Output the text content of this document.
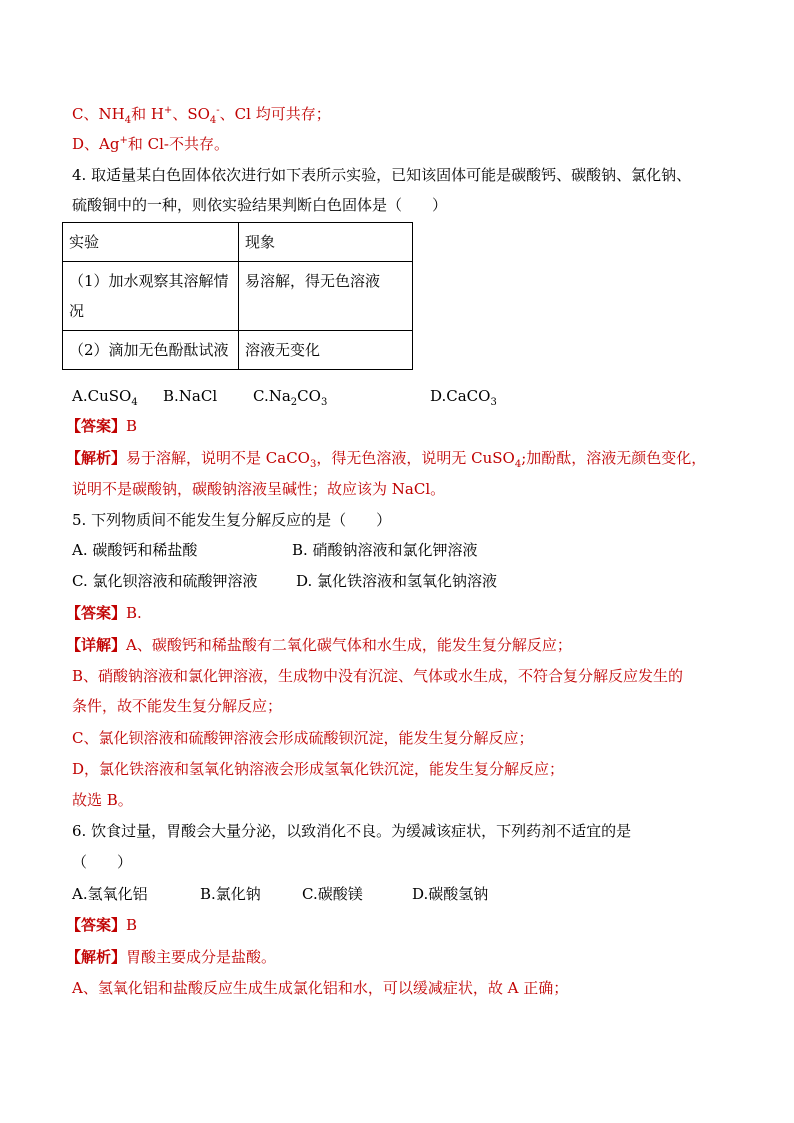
C、$NH_4$和 H+、$SO_4^-$、Cl 均可共存；
D、Ag+和 Cl-不共存。
4. 取适量某白色固体依次进行如下表所示实验，已知该固体可能是碳酸钙、碳酸钠、氯化钠、
硫酸铜中的一种，则依实验结果判断白色固体是（　　）
实验	现象
（1）加水观察其溶解情况	易溶解，得无色溶液
（2）滴加无色酚酞试液	溶液无变化
A.CuSO$_4$ B.NaCl $C.Na_2CO_3$	D.CaCO$_3$
【答案】B
【解析】易于溶解，说明不是 CaCO$_3$，得无色溶液，说明无 CuSO$_4$;加酚酞，溶液无颜色变化，
说明不是碳酸钠，碳酸钠溶液呈碱性；故应该为 NaCl。
5. 下列物质间不能发生复分解反应的是（　　）
A. 碳酸钙和稀盐酸	B. 硝酸钠溶液和氯化钾溶液
C. 氯化钡溶液和硫酸钾溶液	D. 氯化铁溶液和氢氧化钠溶液
【答案】B.
【详解】A、碳酸钙和稀盐酸有二氧化碳气体和水生成，能发生复分解反应；
B、硝酸钠溶液和氯化钾溶液，生成物中没有沉淀、气体或水生成，不符合复分解反应发生的
条件，故不能发生复分解反应；
C、氯化钡溶液和硫酸钾溶液会形成硫酸钡沉淀，能发生复分解反应；
D，氯化铁溶液和氢氧化钠溶液会形成氢氧化铁沉淀，能发生复分解反应；
故选 B。
6. 饮食过量，胃酸会大量分泌，以致消化不良。为缓减该症状，下列药剂不适宜的是
（　　）
A.氢氧化铝	B.氯化钠	C.碳酸镁	D.碳酸氢钠
【答案】B
【解析】胃酸主要成分是盐酸。
A、氢氧化铝和盐酸反应生成生成氯化铝和水，可以缓减症状，故 A 正确；
